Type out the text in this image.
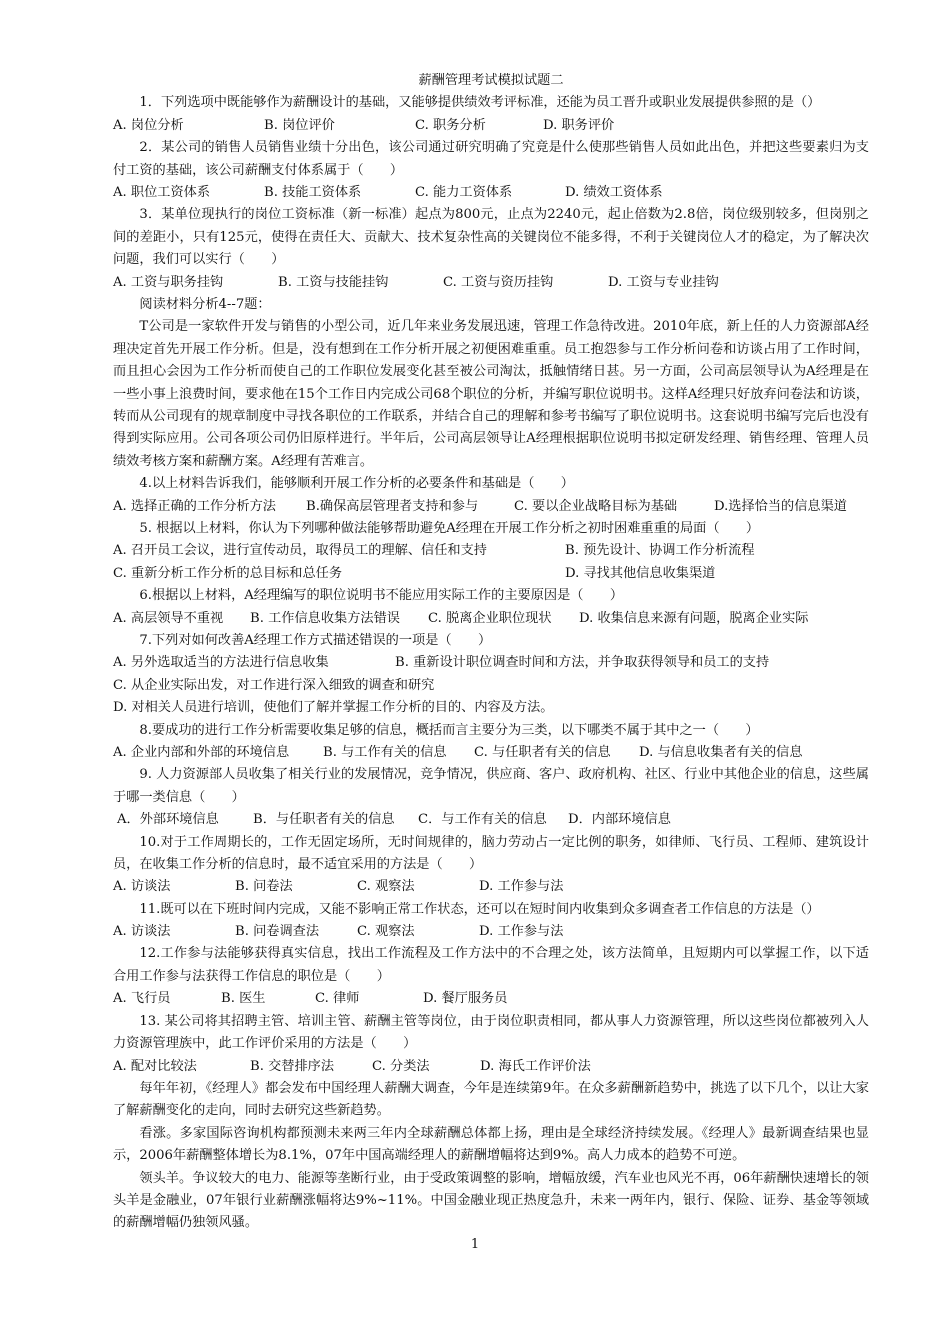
薪酬管理考试模拟试题二
1．下列选项中既能够作为薪酬设计的基础，又能够提供绩效考评标准，还能为员工晋升或职业发展提供参照的是（）
A. 岗位分析	B. 岗位评价	C. 职务分析	D. 职务评价
2．某公司的销售人员销售业绩十分出色，该公司通过研究明确了究竟是什么使那些销售人员如此出色，并把这些要素归为支付工资的基础，该公司薪酬支付体系属于（　　）
A. 职位工资体系	B. 技能工资体系	C. 能力工资体系	D. 绩效工资体系
3．某单位现执行的岗位工资标准（新一标准）起点为800元，止点为2240元，起止倍数为2.8倍，岗位级别较多，但岗别之间的差距小，只有125元，使得在责任大、贡献大、技术复杂性高的关键岗位不能多得，不利于关键岗位人才的稳定，为了解决次问题，我们可以实行（　　）
A. 工资与职务挂钩	B. 工资与技能挂钩	C. 工资与资历挂钩	D. 工资与专业挂钩
阅读材料分析4--7题：
T公司是一家软件开发与销售的小型公司，近几年来业务发展迅速，管理工作急待改进。2010年底，新上任的人力资源部A经理决定首先开展工作分析。但是，没有想到在工作分析开展之初便困难重重。员工抱怨参与工作分析问卷和访谈占用了工作时间，而且担心会因为工作分析而使自己的工作职位发展变化甚至被公司淘汰，抵触情绪日甚。另一方面，公司高层领导认为A经理是在一些小事上浪费时间，要求他在15个工作日内完成公司68个职位的分析，并编写职位说明书。这样A经理只好放弃问卷法和访谈，转而从公司现有的规章制度中寻找各职位的工作联系，并结合自己的理解和参考书编写了职位说明书。这套说明书编写完后也没有得到实际应用。公司各项公司仍旧原样进行。半年后，公司高层领导让A经理根据职位说明书拟定研发经理、销售经理、管理人员绩效考核方案和薪酬方案。A经理有苦难言。
4.以上材料告诉我们，能够顺利开展工作分析的必要条件和基础是（　　）
A. 选择正确的工作分析方法	B.确保高层管理者支持和参与	C. 要以企业战略目标为基础	D.选择恰当的信息渠道
5. 根据以上材料，你认为下列哪种做法能够帮助避免A经理在开展工作分析之初时困难重重的局面（　　）
A. 召开员工会议，进行宣传动员，取得员工的理解、信任和支持	B. 预先设计、协调工作分析流程
C. 重新分析工作分析的总目标和总任务	D. 寻找其他信息收集渠道
6.根据以上材料，A经理编写的职位说明书不能应用实际工作的主要原因是（　　）
A. 高层领导不重视	B. 工作信息收集方法错误	C. 脱离企业职位现状	D. 收集信息来源有问题，脱离企业实际
7.下列对如何改善A经理工作方式描述错误的一项是（　　）
A. 另外选取适当的方法进行信息收集	B. 重新设计职位调查时间和方法，并争取获得领导和员工的支持
C. 从企业实际出发，对工作进行深入细致的调查和研究
D. 对相关人员进行培训，使他们了解并掌握工作分析的目的、内容及方法。
8.要成功的进行工作分析需要收集足够的信息，概括而言主要分为三类，以下哪类不属于其中之一（　　）
A. 企业内部和外部的环境信息	B. 与工作有关的信息	C. 与任职者有关的信息	D. 与信息收集者有关的信息
9. 人力资源部人员收集了相关行业的发展情况，竞争情况，供应商、客户、政府机构、社区、行业中其他企业的信息，这些属于哪一类信息（　　）
A．外部环境信息	B．与任职者有关的信息	C．与工作有关的信息	D．内部环境信息
10.对于工作周期长的，工作无固定场所，无时间规律的，脑力劳动占一定比例的职务，如律师、飞行员、工程师、建筑设计员，在收集工作分析的信息时，最不适宜采用的方法是（　　）
A. 访谈法	B. 问卷法	C. 观察法	D. 工作参与法
11.既可以在下班时间内完成，又能不影响正常工作状态，还可以在短时间内收集到众多调查者工作信息的方法是（）
A. 访谈法	B. 问卷调查法	C. 观察法	D. 工作参与法
12.工作参与法能够获得真实信息，找出工作流程及工作方法中的不合理之处，该方法简单，且短期内可以掌握工作，以下适合用工作参与法获得工作信息的职位是（　　）
A. 飞行员	B. 医生	C. 律师	D. 餐厅服务员
13. 某公司将其招聘主管、培训主管、薪酬主管等岗位，由于岗位职责相同，都从事人力资源管理，所以这些岗位都被列入人力资源管理族中，此工作评价采用的方法是（　　）
A. 配对比较法	B. 交替排序法	C. 分类法	D. 海氏工作评价法
每年年初，《经理人》都会发布中国经理人薪酬大调查，今年是连续第9年。在众多薪酬新趋势中，挑选了以下几个，以让大家了解薪酬变化的走向，同时去研究这些新趋势。
看涨。多家国际咨询机构都预测未来两三年内全球薪酬总体都上扬，理由是全球经济持续发展。《经理人》最新调查结果也显示，2006年薪酬整体增长为8.1%，07年中国高端经理人的薪酬增幅将达到9%。高人力成本的趋势不可逆。
领头羊。争议较大的电力、能源等垄断行业，由于受政策调整的影响，增幅放缓，汽车业也风光不再，06年薪酬快速增长的领头羊是金融业，07年银行业薪酬涨幅将达9%~11%。中国金融业现正热度急升，未来一两年内，银行、保险、证券、基金等领域的薪酬增幅仍独领风骚。
1
